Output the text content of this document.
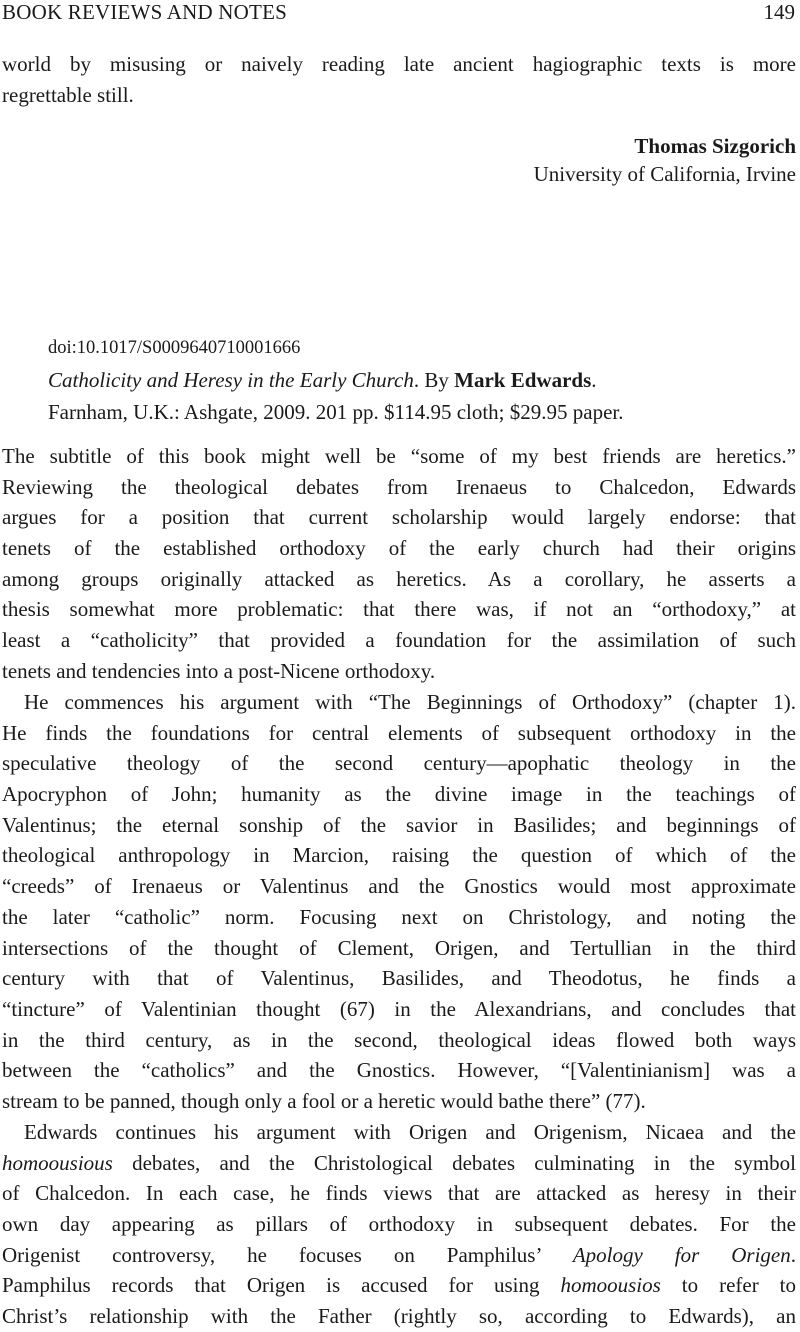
BOOK REVIEWS AND NOTES	149
world by misusing or naively reading late ancient hagiographic texts is more
regrettable still.
Thomas Sizgorich
University of California, Irvine
doi:10.1017/S0009640710001666
Catholicity and Heresy in the Early Church. By Mark Edwards.
Farnham, U.K.: Ashgate, 2009. 201 pp. $114.95 cloth; $29.95 paper.
The subtitle of this book might well be “some of my best friends are heretics.”
Reviewing the theological debates from Irenaeus to Chalcedon, Edwards
argues for a position that current scholarship would largely endorse: that
tenets of the established orthodoxy of the early church had their origins
among groups originally attacked as heretics. As a corollary, he asserts a
thesis somewhat more problematic: that there was, if not an “orthodoxy,” at
least a “catholicity” that provided a foundation for the assimilation of such
tenets and tendencies into a post-Nicene orthodoxy.
He commences his argument with “The Beginnings of Orthodoxy” (chapter 1).
He finds the foundations for central elements of subsequent orthodoxy in the
speculative theology of the second century—apophatic theology in the
Apocryphon of John; humanity as the divine image in the teachings of
Valentinus; the eternal sonship of the savior in Basilides; and beginnings of
theological anthropology in Marcion, raising the question of which of the
“creeds” of Irenaeus or Valentinus and the Gnostics would most approximate
the later “catholic” norm. Focusing next on Christology, and noting the
intersections of the thought of Clement, Origen, and Tertullian in the third
century with that of Valentinus, Basilides, and Theodotus, he finds a
“tincture” of Valentinian thought (67) in the Alexandrians, and concludes that
in the third century, as in the second, theological ideas flowed both ways
between the “catholics” and the Gnostics. However, “[Valentinianism] was a
stream to be panned, though only a fool or a heretic would bathe there” (77).
Edwards continues his argument with Origen and Origenism, Nicaea and the
homoousious debates, and the Christological debates culminating in the symbol
of Chalcedon. In each case, he finds views that are attacked as heresy in their
own day appearing as pillars of orthodoxy in subsequent debates. For the
Origenist controversy, he focuses on Pamphilus’ Apology for Origen.
Pamphilus records that Origen is accused for using homoousios to refer to
Christ’s relationship with the Father (rightly so, according to Edwards), an
